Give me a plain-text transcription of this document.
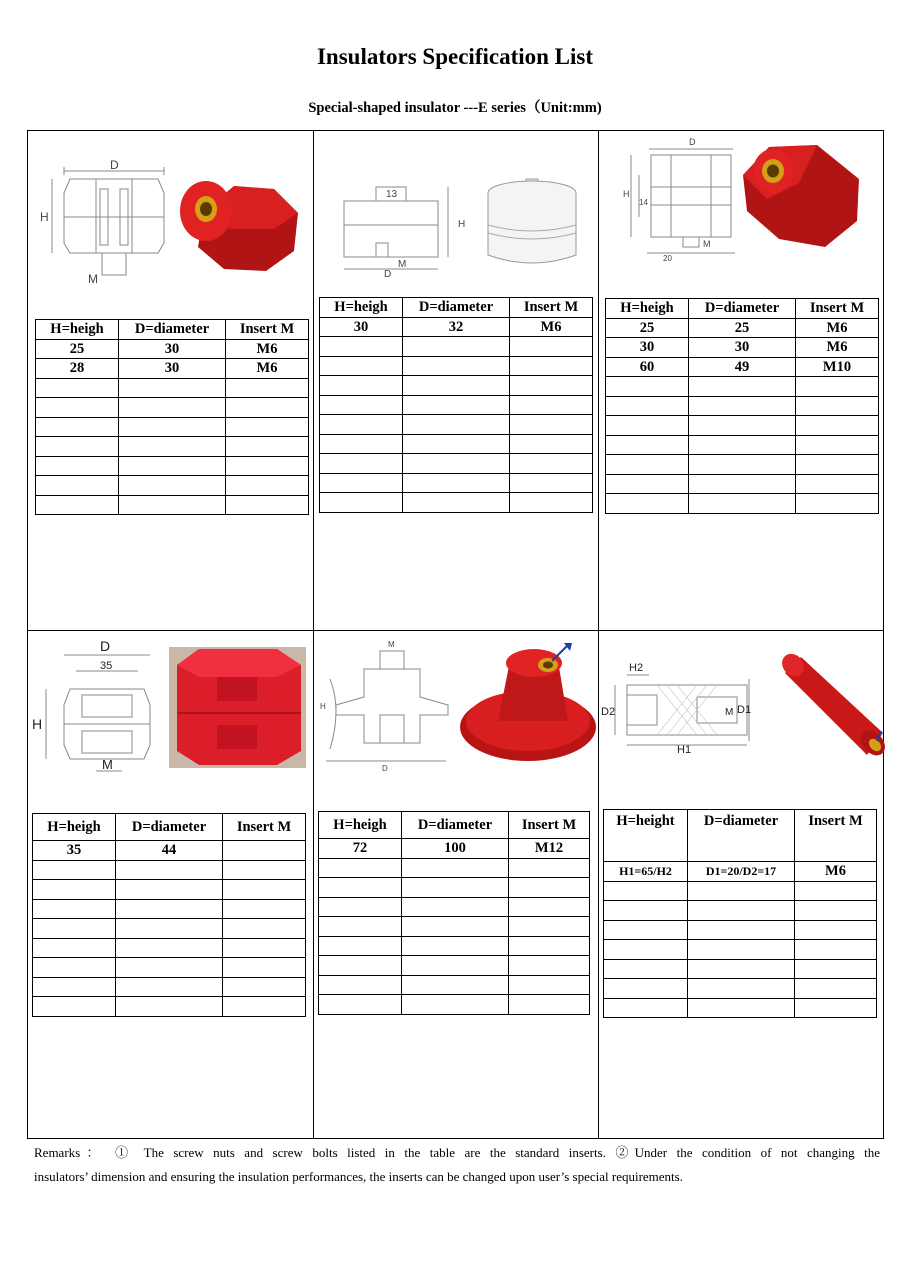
Insulators Specification List
Special-shaped insulator ---E series（Unit:mm)
D
H
M
H=heigh	D=diameter	Insert M
25	30	M6
28	30	M6

13
H
M
D
H=heigh	D=diameter	Insert M
30	32	M6

D
H
14
M
20
H=heigh	D=diameter	Insert M
25	25	M6
30	30	M6
60	49	M10

D
35
H
M
H=heigh	D=diameter	Insert M
35	44	

M
H
D
H=heigh	D=diameter	Insert M
72	100	M12

H2
D2	M D1
H1
H=height	D=diameter	Insert M
H1=65/H2	D1=20/D2=17	M6

Remarks： ① The screw nuts and screw bolts listed in the table are the standard inserts. ②Under the condition of not changing the
insulators’ dimension and ensuring the insulation performances, the inserts can be changed upon user’s special requirements.
